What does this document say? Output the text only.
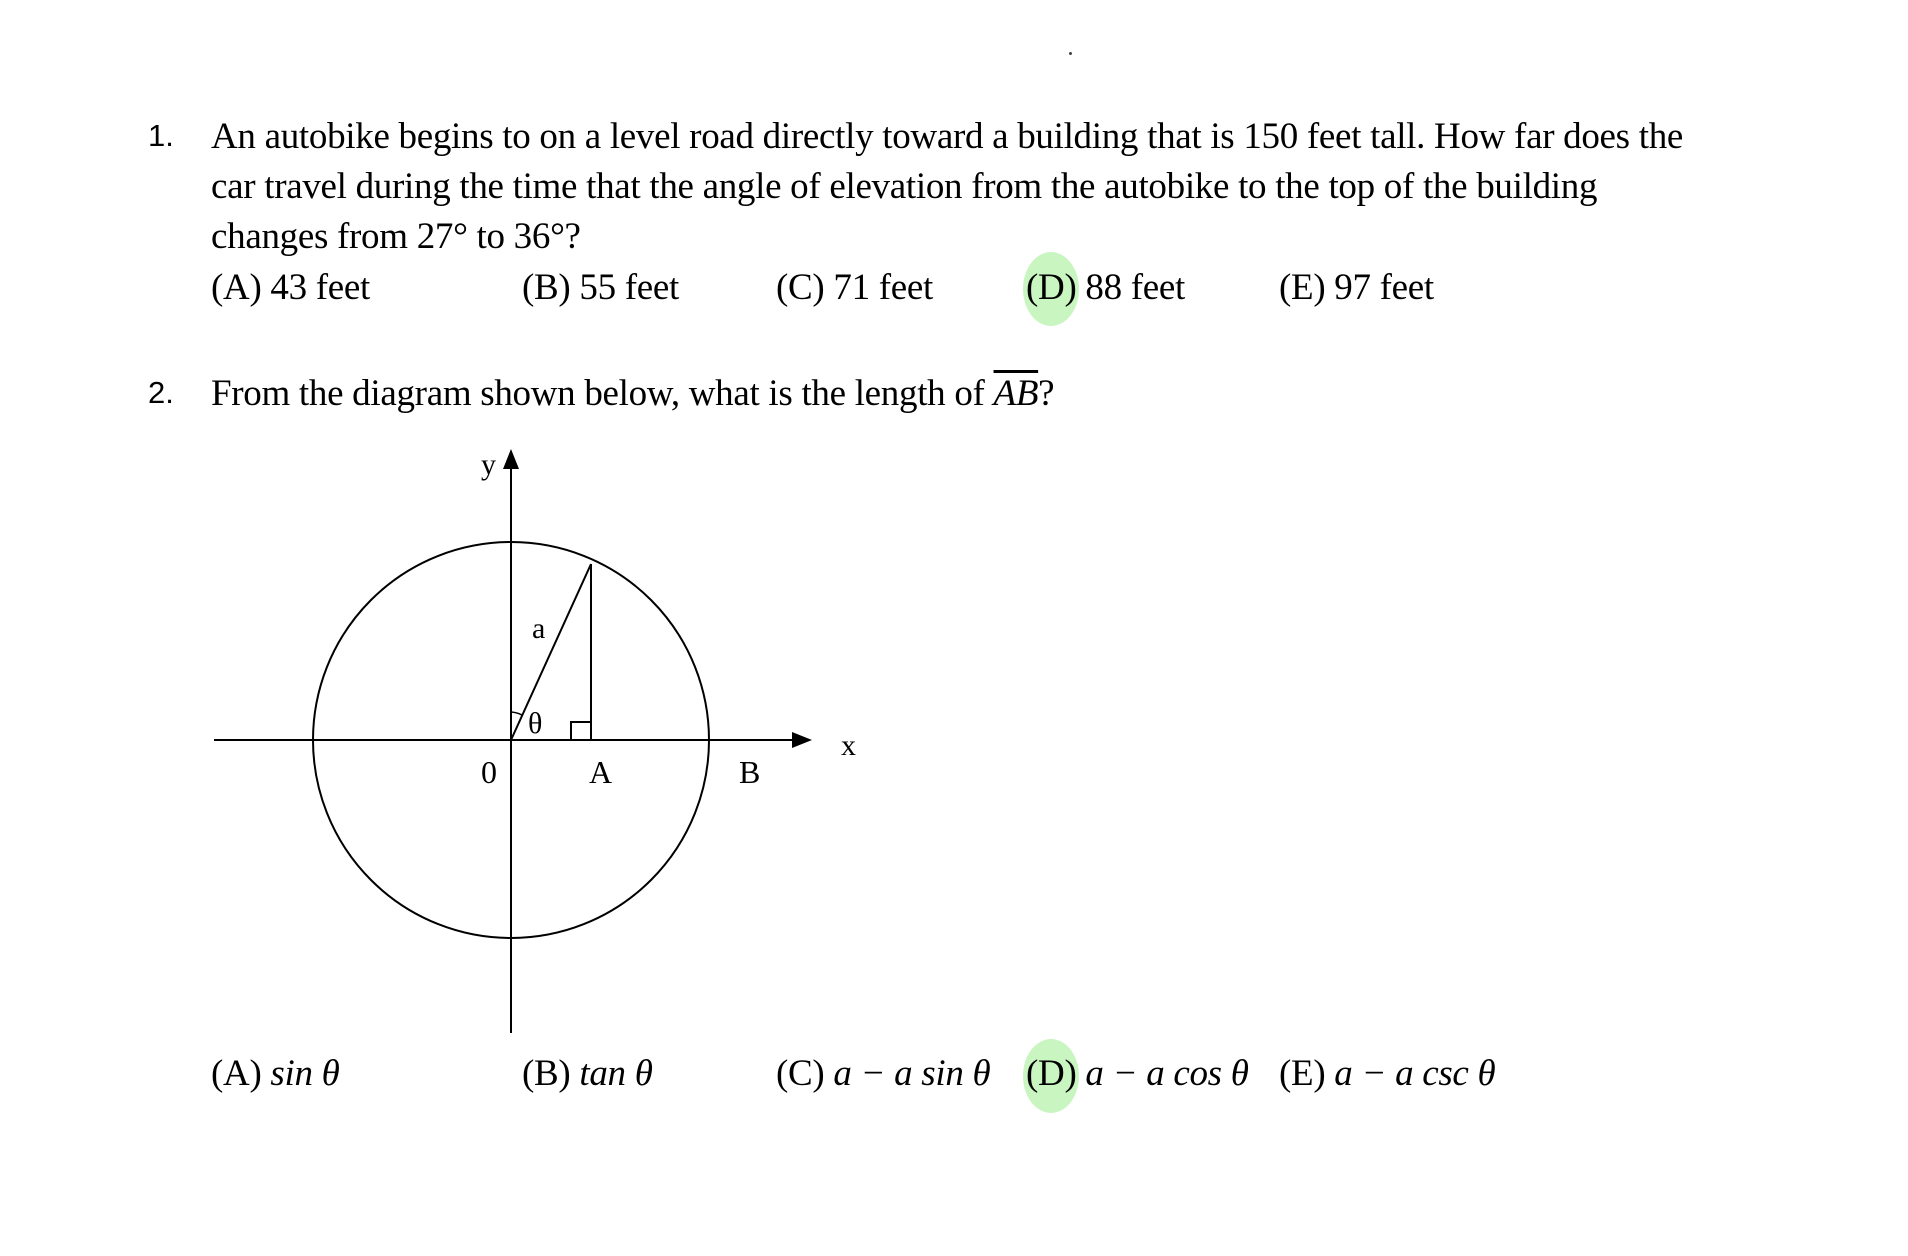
1. An autobike begins to on a level road directly toward a building that is 150 feet tall. How far does the

car travel during the time that the angle of elevation from the autobike to the top of the building

changes from 27° to 36°?

(A) 43 feet	(B) 55 feet	(C) 71 feet	(D) 88 feet	(E) 97 feet
2. From the diagram shown below, what is the length of $\overline{AB}$?

y
x
0	A	B
a
θ
(A) sin θ	(B) tan θ	(C) a − a sin θ (D) a − a cos θ (E) a − a csc θ
